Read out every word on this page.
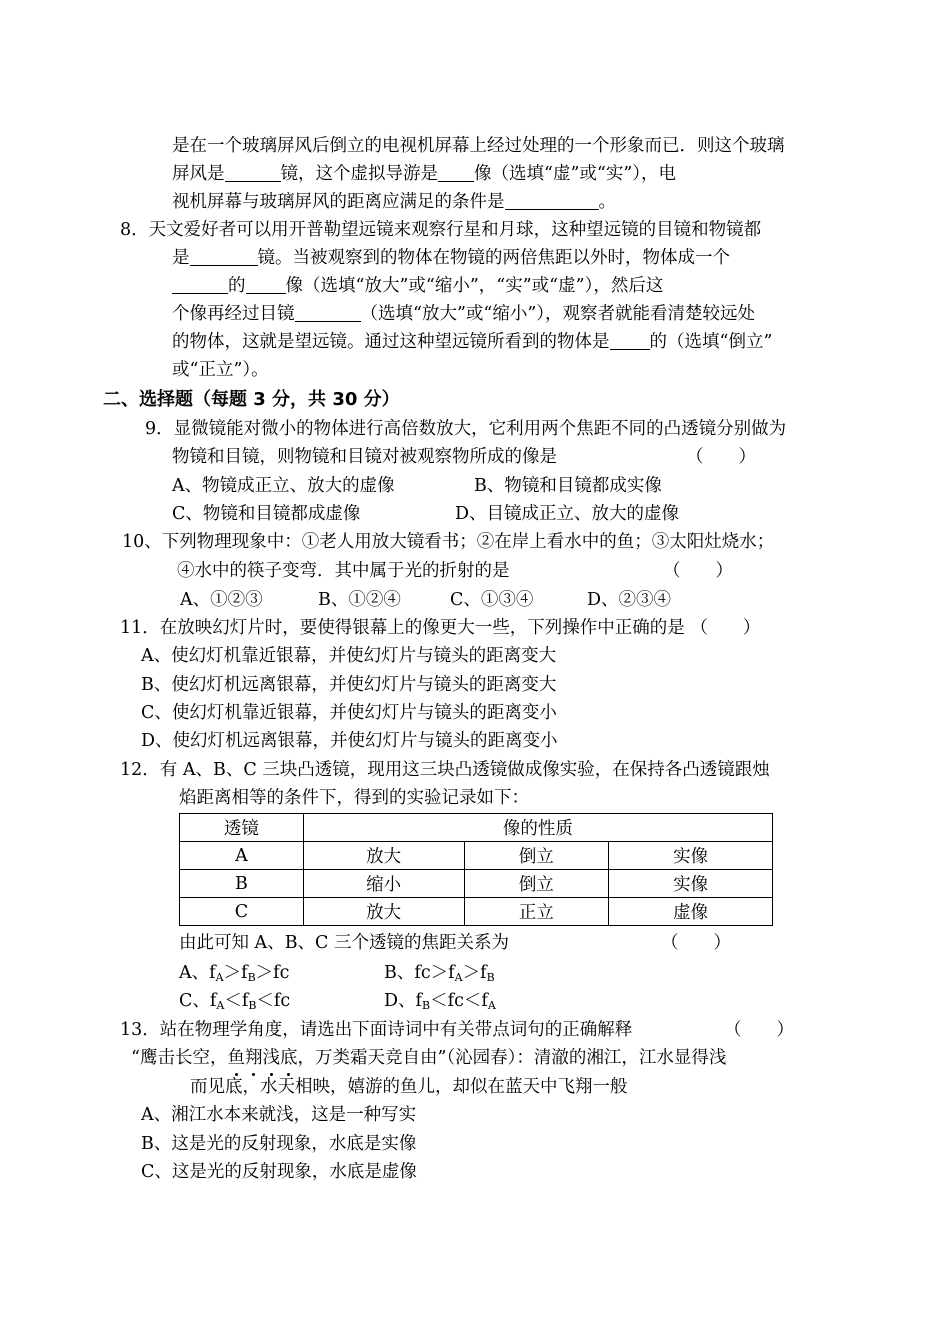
是在一个玻璃屏风后倒立的电视机屏幕上经过处理的一个形象而已．则这个玻璃
屏风是	镜，这个虚拟导游是 像（选填“虚”或“实”），电
视机屏幕与玻璃屏风的距离应满足的条件是	。
8．天文爱好者可以用开普勒望远镜来观察行星和月球，这种望远镜的目镜和物镜都
是	镜。当被观察到的物体在物镜的两倍焦距以外时，物体成一个
的 像（选填“放大”或“缩小”，“实”或“虚”），然后这
个像再经过目镜	（选填“放大”或“缩小”），观察者就能看清楚较远处
的物体，这就是望远镜。通过这种望远镜所看到的物体是 的（选填“倒立”
或“正立”）。
二、选择题（每题 3 分，共 30 分）
9．显微镜能对微小的物体进行高倍数放大，它利用两个焦距不同的凸透镜分别做为
物镜和目镜，则物镜和目镜对被观察物所成的像是	（　　）
A、物镜成正立、放大的虚像	B、物镜和目镜都成实像
C、物镜和目镜都成虚像	D、目镜成正立、放大的虚像
10、下列物理现象中：①老人用放大镜看书；②在岸上看水中的鱼；③太阳灶烧水；
④水中的筷子变弯．其中属于光的折射的是	（　　）
A、①②③	B、①②④	C、①③④	D、②③④
11．在放映幻灯片时，要使得银幕上的像更大一些，下列操作中正确的是 （　　）
A、使幻灯机靠近银幕，并使幻灯片与镜头的距离变大
B、使幻灯机远离银幕，并使幻灯片与镜头的距离变大
C、使幻灯机靠近银幕，并使幻灯片与镜头的距离变小
D、使幻灯机远离银幕，并使幻灯片与镜头的距离变小
12．有 A、B、C 三块凸透镜，现用这三块凸透镜做成像实验，在保持各凸透镜跟烛
焰距离相等的条件下，得到的实验记录如下：
透镜	像的性质		
A	放大	倒立	实像
B	缩小	倒立	实像
C	放大	正立	虚像
由此可知 A、B、C 三个透镜的焦距关系为	（　　）
A、$f_A>f_B>fc$	B、$fc>f_A>f_B$
C、$f_A<f_B<fc$	D、$f_B<fc<f_A$
13．站在物理学角度，请选出下面诗词中有关带点词句的正确解释	（　　）
“鹰击长空，鱼翔浅底，万类霜天竞自由”（沁园春）：清澈的湘江，江水显得浅
而见底，水天相映，嬉游的鱼儿，却似在蓝天中飞翔一般
A、湘江水本来就浅，这是一种写实
B、这是光的反射现象，水底是实像
C、这是光的反射现象，水底是虚像
